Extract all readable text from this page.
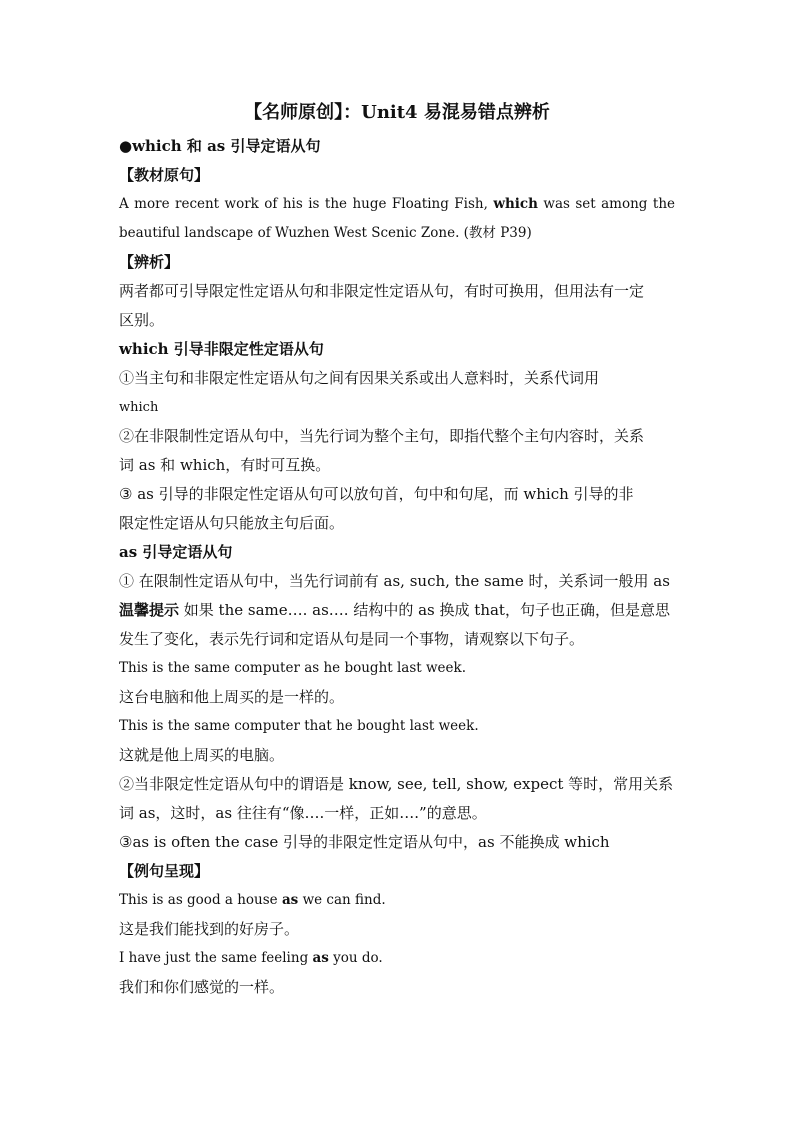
【名师原创】：Unit4 易混易错点辨析

●which 和 as 引导定语从句

【教材原句】

A more recent work of his is the huge Floating Fish, which was set among the

beautiful landscape of Wuzhen West Scenic Zone. (教材 P39)

【辨析】

两者都可引导限定性定语从句和非限定性定语从句，有时可换用，但用法有一定

区别。

which 引导非限定性定语从句

①当主句和非限定性定语从句之间有因果关系或出人意料时，关系代词用

which

②在非限制性定语从句中，当先行词为整个主句，即指代整个主句内容时，关系

词 as 和 which，有时可互换。

③ as 引导的非限定性定语从句可以放句首，句中和句尾，而 which 引导的非

限定性定语从句只能放主句后面。

as 引导定语从句

① 在限制性定语从句中，当先行词前有 as, such, the same 时，关系词一般用 as

温馨提示 如果 the same…. as…. 结构中的 as 换成 that，句子也正确，但是意思

发生了变化，表示先行词和定语从句是同一个事物，请观察以下句子。

This is the same computer as he bought last week.

这台电脑和他上周买的是一样的。

This is the same computer that he bought last week.

这就是他上周买的电脑。

②当非限定性定语从句中的谓语是 know, see, tell, show, expect 等时，常用关系

词 as，这时，as 往往有“像….一样，正如….”的意思。

③as is often the case 引导的非限定性定语从句中，as 不能换成 which

【例句呈现】

This is as good a house as we can find.

这是我们能找到的好房子。

I have just the same feeling as you do.

我们和你们感觉的一样。
